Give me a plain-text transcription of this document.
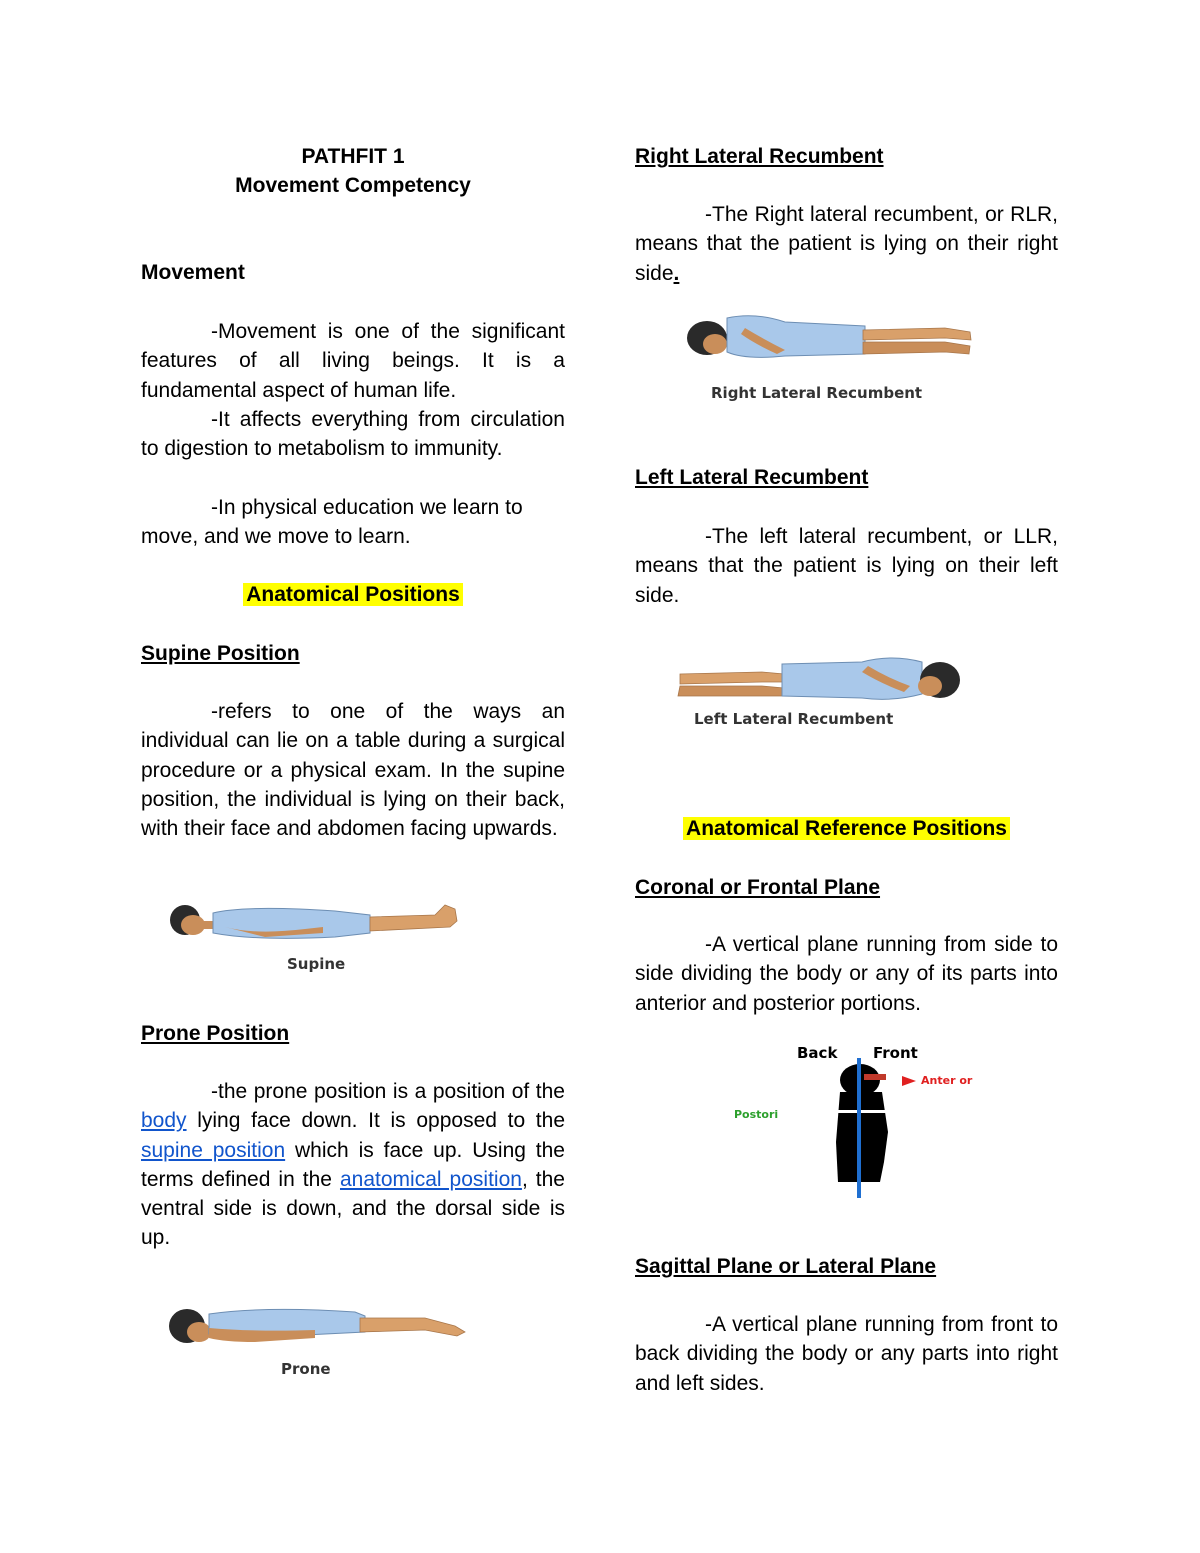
PATHFIT 1

Movement Competency

Movement

-Movement is one of the significant features of all living beings. It is a fundamental aspect of human life.

-It affects everything from circulation to digestion to metabolism to immunity.

-In physical education we learn to move, and we move to learn.

Anatomical Positions

Supine Position

-refers to one of the ways an individual can lie on a table during a surgical procedure or a physical exam. In the supine position, the individual is lying on their back, with their face and abdomen facing upwards.

Prone Position

-the prone position is a position of the body lying face down. It is opposed to the supine position which is face up. Using the terms defined in the anatomical position, the ventral side is down, and the dorsal side is up.

Supine
Prone

Right Lateral Recumbent

-The Right lateral recumbent, or RLR, means that the patient is lying on their right side.

Left Lateral Recumbent

-The left lateral recumbent, or LLR, means that the patient is lying on their left side.

Anatomical Reference Positions

Coronal or Frontal Plane

-A vertical plane running from side to side dividing the body or any of its parts into anterior and posterior portions.

Sagittal Plane or Lateral Plane

-A vertical plane running from front to back dividing the body or any parts into right and left sides.

Right Lateral Recumbent
Left Lateral Recumbent
Back Front
Anter or
Postori
